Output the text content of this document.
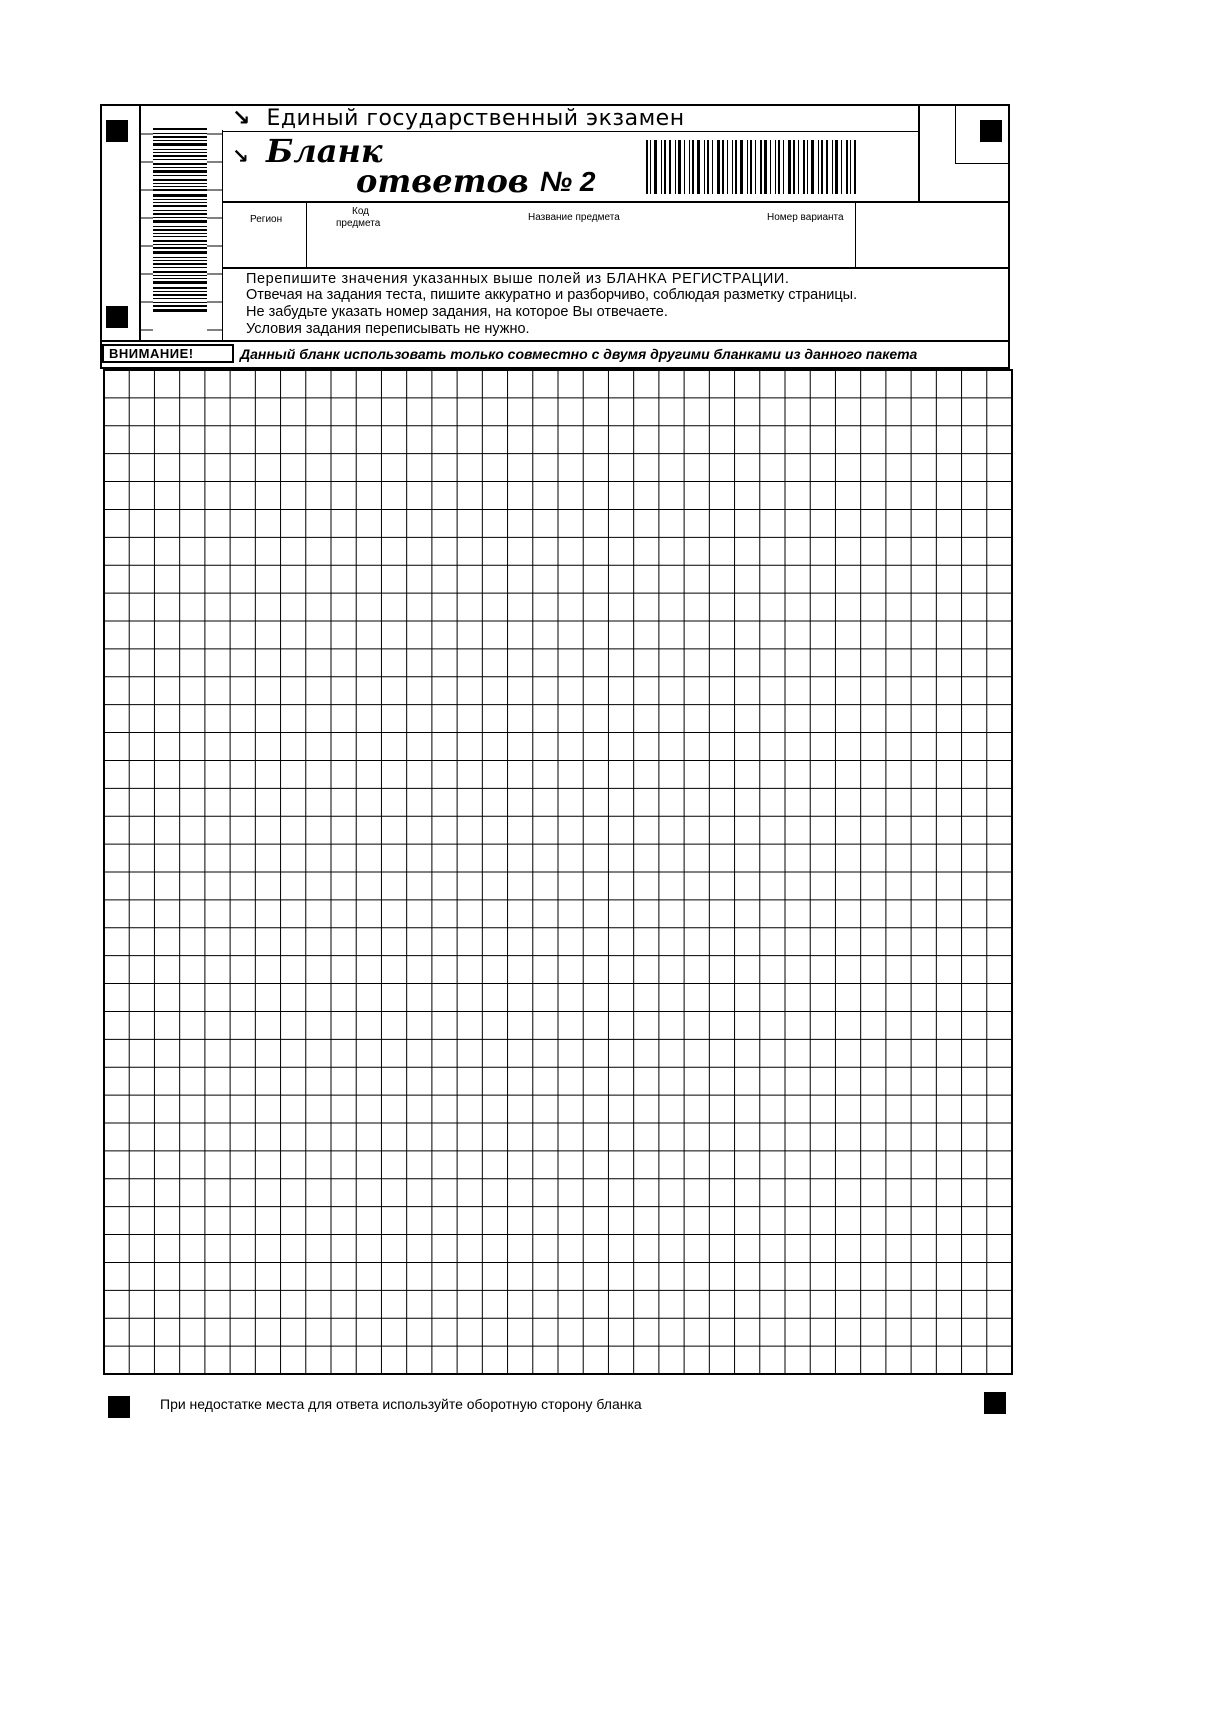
↘ Единый государственный экзамен
↘ Бланк
ответов № 2
Регион
Код
предмета
Название предмета	Номер варианта
Перепишите значения указанных выше полей из БЛАНКА РЕГИСТРАЦИИ.
Отвечая на задания теста, пишите аккуратно и разборчиво, соблюдая разметку страницы.
Не забудьте указать номер задания, на которое Вы отвечаете.
Условия задания переписывать не нужно.
ВНИМАНИЕ!	Данный бланк использовать только совместно с двумя другими бланками из данного пакета
При недостатке места для ответа используйте оборотную сторону бланка
